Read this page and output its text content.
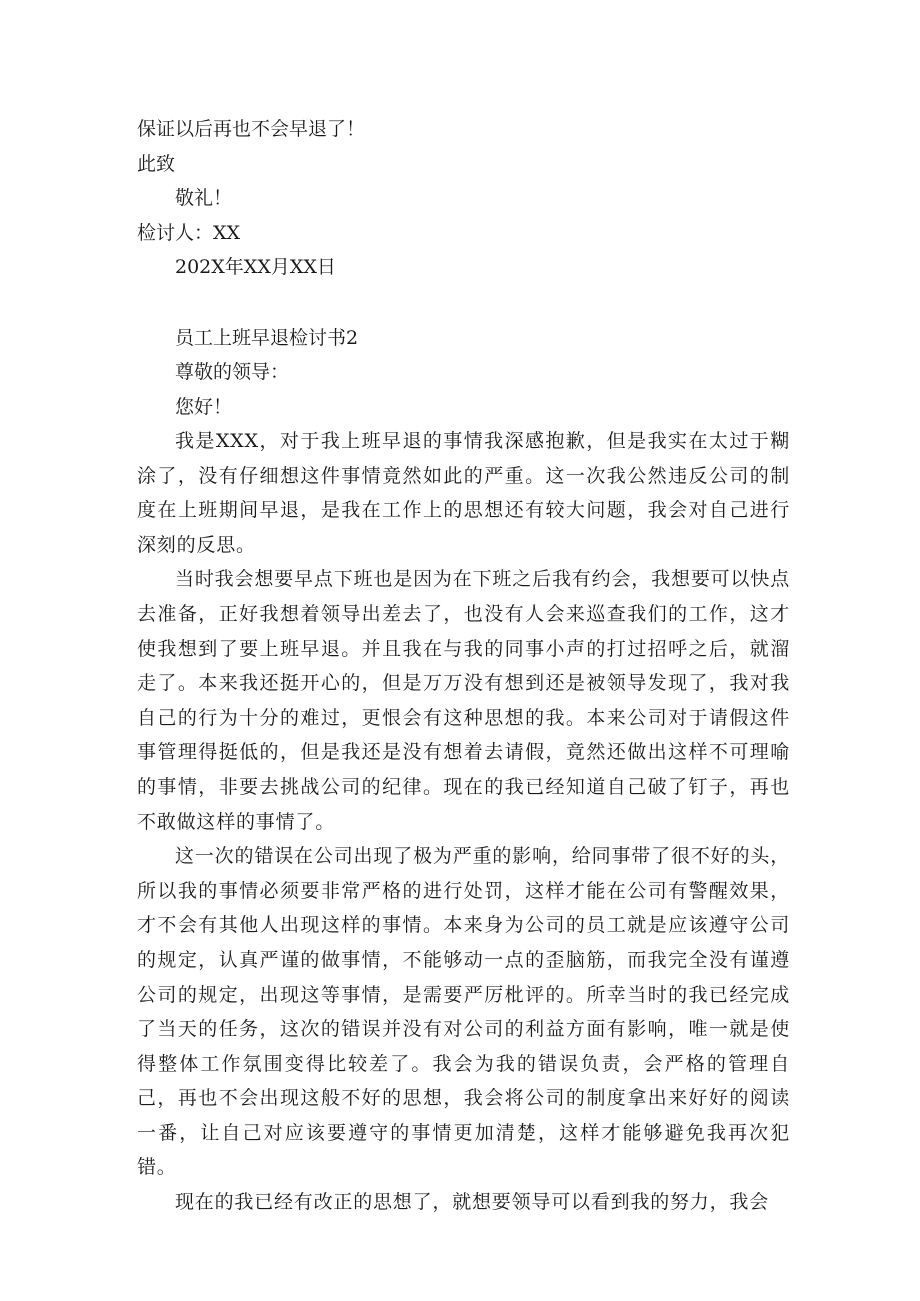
保证以后再也不会早退了！

此致

敬礼！

检讨人：XX

202X年XX月XX日

员工上班早退检讨书2

尊敬的领导：

您好！

我是XXX，对于我上班早退的事情我深感抱歉，但是我实在太过于糊涂了，没有仔细想这件事情竟然如此的严重。这一次我公然违反公司的制度在上班期间早退，是我在工作上的思想还有较大问题，我会对自己进行深刻的反思。

当时我会想要早点下班也是因为在下班之后我有约会，我想要可以快点去准备，正好我想着领导出差去了，也没有人会来巡查我们的工作，这才使我想到了要上班早退。并且我在与我的同事小声的打过招呼之后，就溜走了。本来我还挺开心的，但是万万没有想到还是被领导发现了，我对我自己的行为十分的难过，更恨会有这种思想的我。本来公司对于请假这件事管理得挺低的，但是我还是没有想着去请假，竟然还做出这样不可理喻的事情，非要去挑战公司的纪律。现在的我已经知道自己破了钉子，再也不敢做这样的事情了。

这一次的错误在公司出现了极为严重的影响，给同事带了很不好的头，所以我的事情必须要非常严格的进行处罚，这样才能在公司有警醒效果，才不会有其他人出现这样的事情。本来身为公司的员工就是应该遵守公司的规定，认真严谨的做事情，不能够动一点的歪脑筋，而我完全没有谨遵公司的规定，出现这等事情，是需要严厉枇评的。所幸当时的我已经完成了当天的任务，这次的错误并没有对公司的利益方面有影响，唯一就是使得整体工作氛围变得比较差了。我会为我的错误负责，会严格的管理自己，再也不会出现这般不好的思想，我会将公司的制度拿出来好好的阅读一番，让自己对应该要遵守的事情更加清楚，这样才能够避免我再次犯错。

现在的我已经有改正的思想了，就想要领导可以看到我的努力，我会
